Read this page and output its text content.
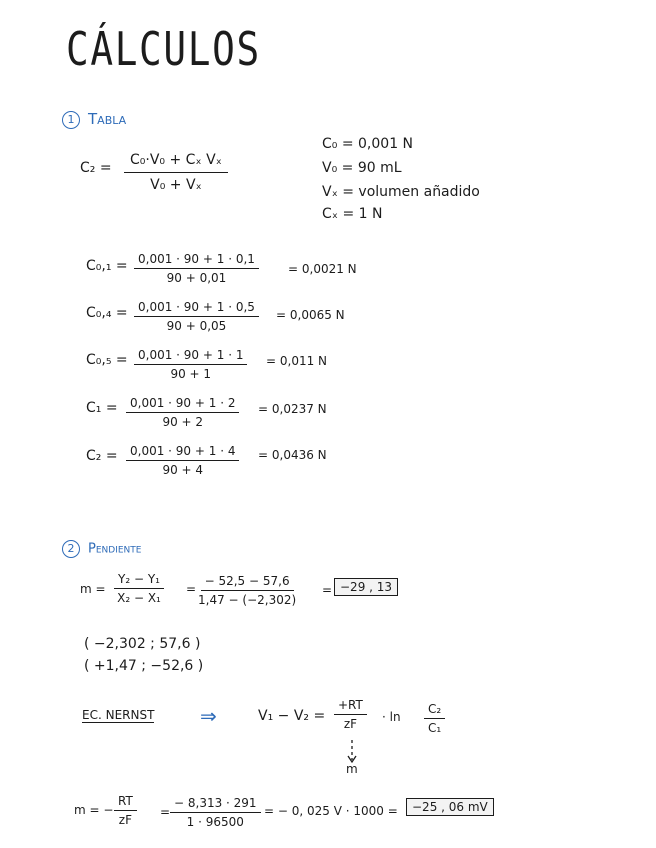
CÁLCULOS
1 Tabla
$C_2 = \frac{\text{C₀·V₀ + Cₓ Vₓ}}{\text{V₀ + Vₓ}}$
C₀ = 0,001 N
V₀ = 90 mL
Vₓ = volumen añadido
Cₓ = 1 N
$C_0,_1 = \frac{0,001 \cdot 90 + 1 \cdot 0,1}{90 + 0,01} = 0,0021$ N
$C_0,_4 = \frac{0,001 \cdot 90 + 1 \cdot 0,5}{90 + 0,05} = 0,0065$ N
$C_0,_5 = \frac{0,001 \cdot 90 + 1 \cdot 1}{90 + 1} = 0,011$ N
$C_1 = \frac{0,001 \cdot 90 + 1 \cdot 2}{90 + 2} = 0,0237$ N
$C_2 = \frac{0,001 \cdot 90 + 1 \cdot 4}{90 + 4} = 0,0436$ N
2 Pendiente
$m = \frac{\text{Y₂ − Y₁}}{\text{X₂ − X₁}} = \frac{- 52,5 - 57,6}{1,47 - (-2,302)} = -29$ , 13
( −2,302 ; 57,6 )
( +1,47 ; −52,6 )
EC. NERNST ⇒	$V_1 - V_2 = \frac{+RT}{zF} \cdot \ln \frac{\text{C₂}}{\text{C₁}}$
m
m = − $\frac{RT}{zF} = \frac{- 8,313 \cdot 291}{1 \cdot 96500}$ = − 0, 025 V · 1000 =	−25 , 06 mV
